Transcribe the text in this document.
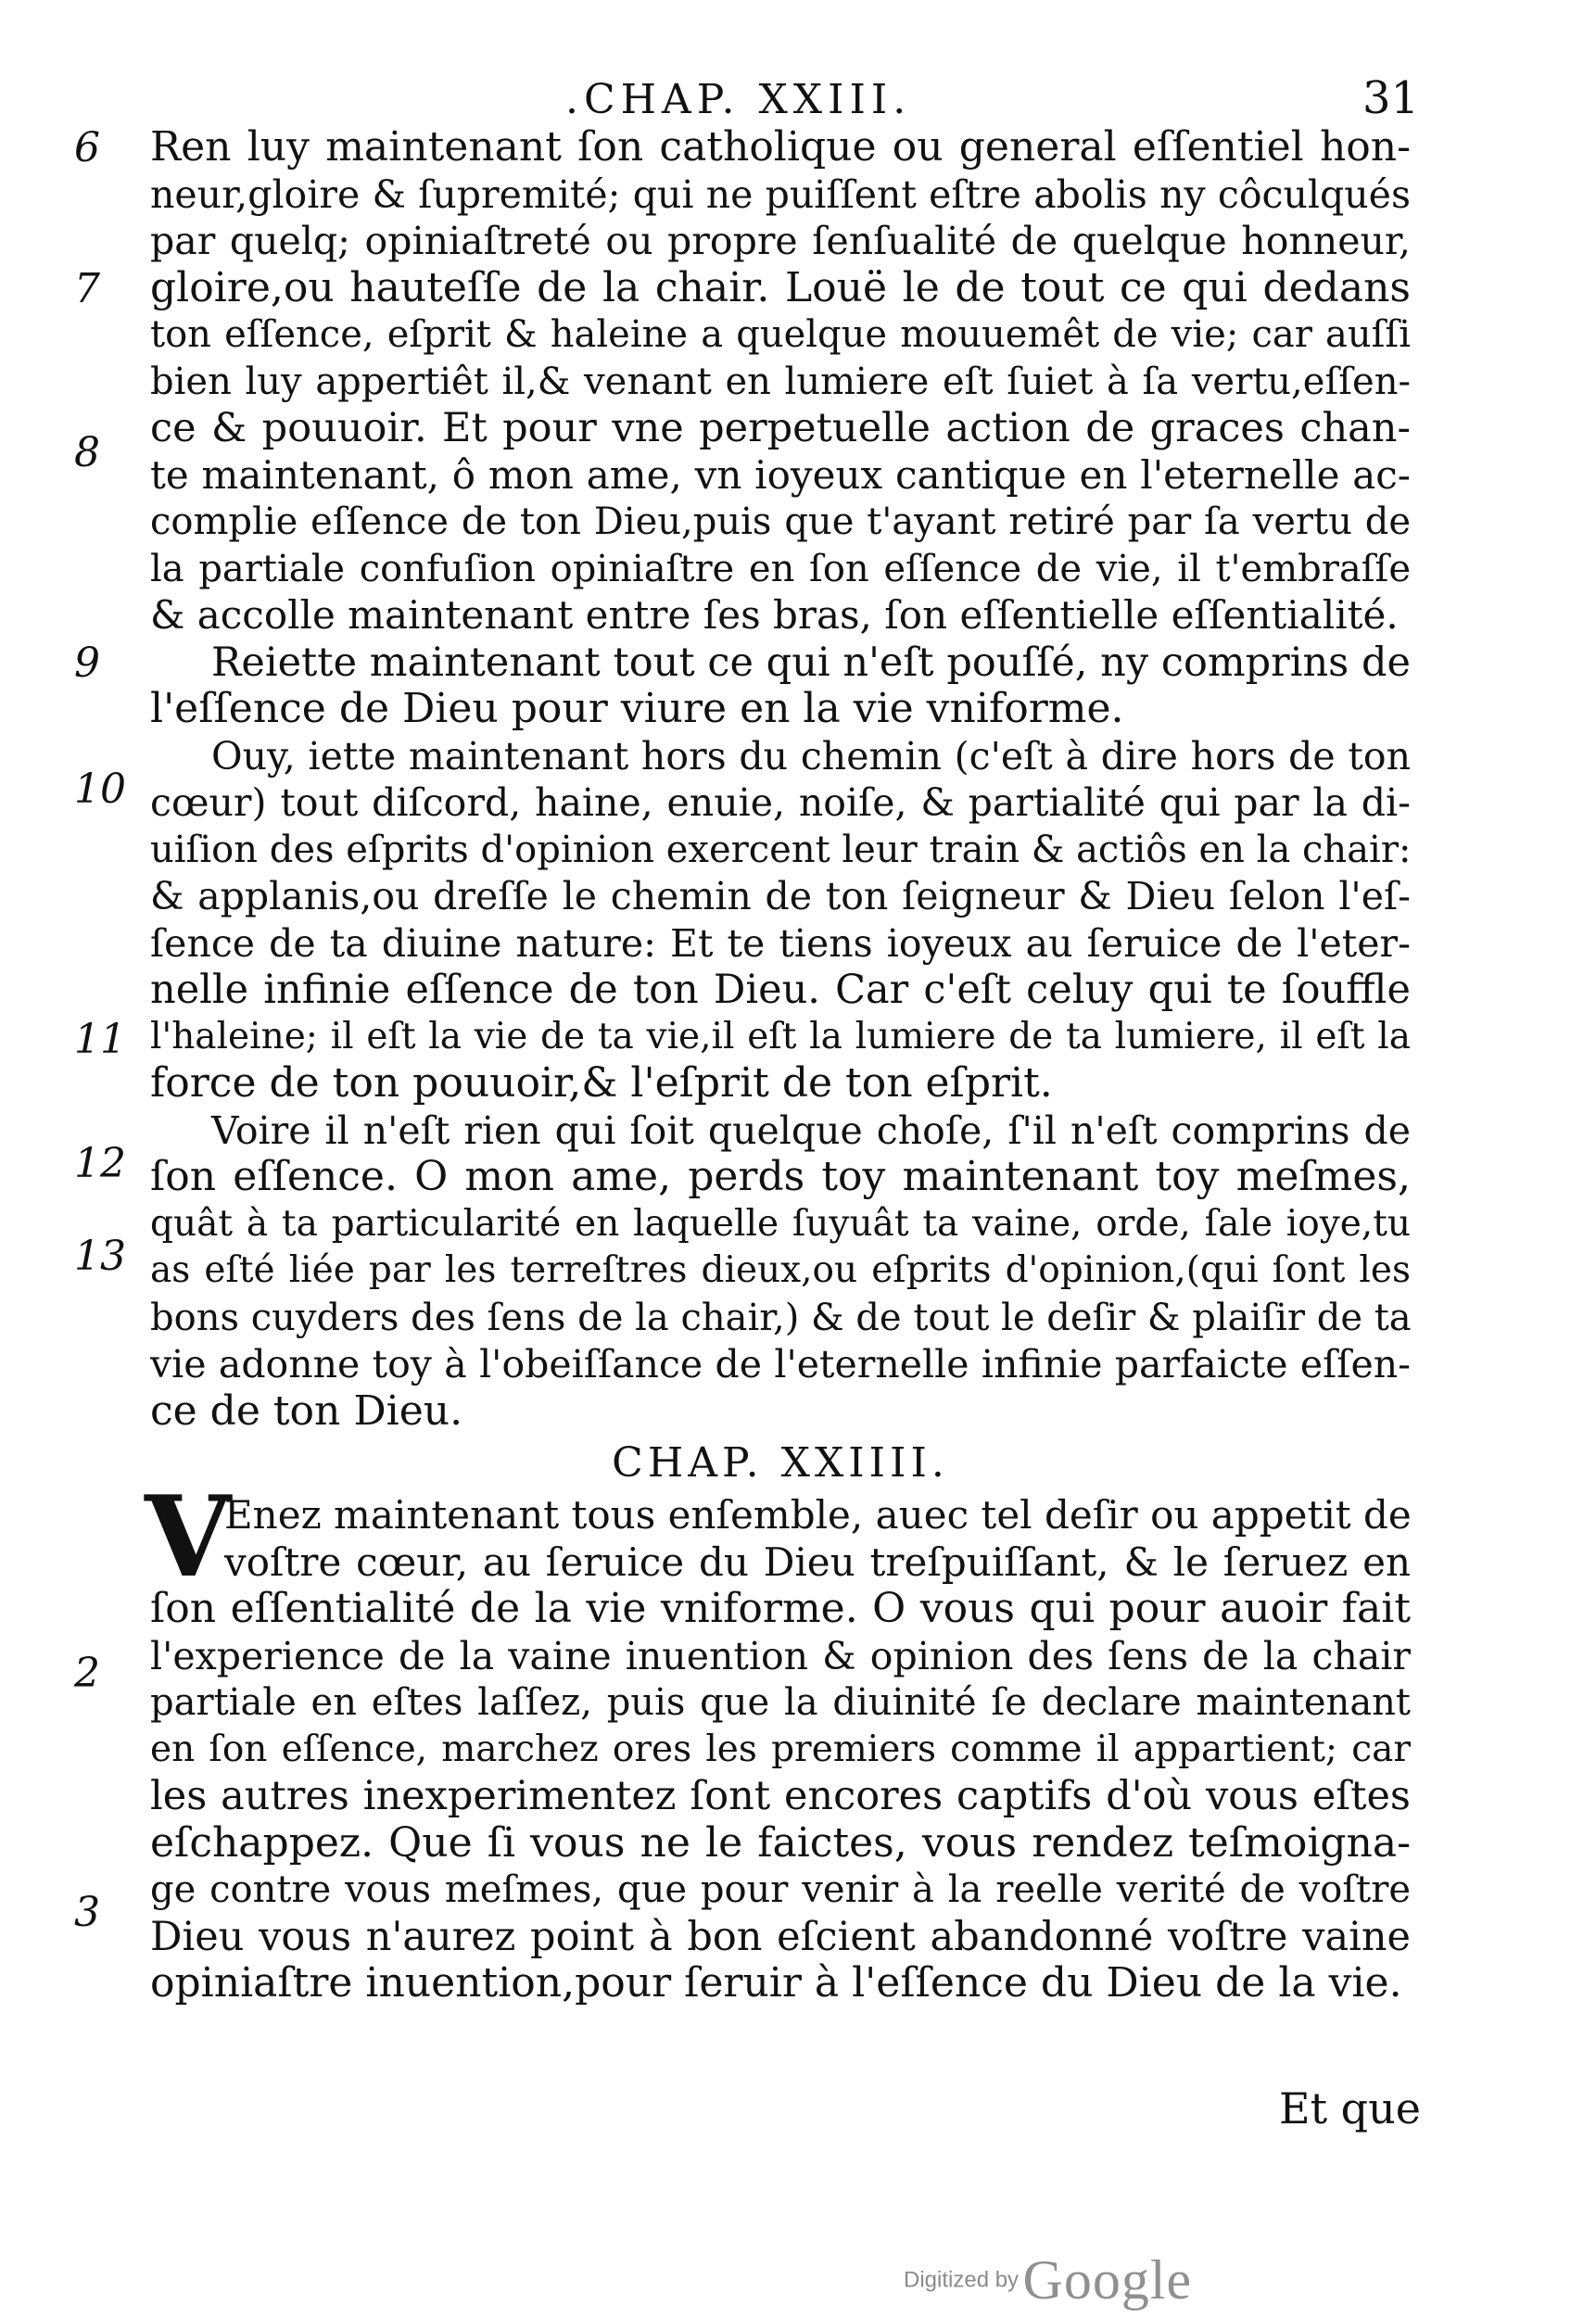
.CHAP. XXIII.	31
6
7
8
9
10
11
12
13
2
3
Ren luy maintenant ſon catholique ou general eſſentiel hon-
neur,gloire & ſupremité; qui ne puiſſent eſtre abolis ny côculqués
par quelq; opiniaſtreté ou propre ſenſualité de quelque honneur,
gloire,ou hauteſſe de la chair. Louë le de tout ce qui dedans
ton eſſence, eſprit & haleine a quelque mouuemêt de vie; car auſſi
bien luy appertiêt il,& venant en lumiere eſt ſuiet à ſa vertu,eſſen-
ce & pouuoir. Et pour vne perpetuelle action de graces chan-
te maintenant, ô mon ame, vn ioyeux cantique en l'eternelle ac-
complie eſſence de ton Dieu,puis que t'ayant retiré par ſa vertu de
la partiale confuſion opiniaſtre en ſon eſſence de vie, il t'embraſſe
& accolle maintenant entre ſes bras, ſon eſſentielle eſſentialité.
Reiette maintenant tout ce qui n'eſt pouſſé, ny comprins de
l'eſſence de Dieu pour viure en la vie vniforme.
Ouy, iette maintenant hors du chemin (c'eſt à dire hors de ton
cœur) tout diſcord, haine, enuie, noiſe, & partialité qui par la di-
uiſion des eſprits d'opinion exercent leur train & actiôs en la chair:
& applanis,ou dreſſe le chemin de ton ſeigneur & Dieu ſelon l'eſ-
ſence de ta diuine nature: Et te tiens ioyeux au ſeruice de l'eter-
nelle infinie eſſence de ton Dieu. Car c'eſt celuy qui te ſouffle
l'haleine; il eſt la vie de ta vie,il eſt la lumiere de ta lumiere, il eſt la
force de ton pouuoir,& l'eſprit de ton eſprit.
Voire il n'eſt rien qui ſoit quelque choſe, ſ'il n'eſt comprins de
ſon eſſence. O mon ame, perds toy maintenant toy meſmes,
quât à ta particularité en laquelle ſuyuât ta vaine, orde, ſale ioye,tu
as eſté liée par les terreſtres dieux,ou eſprits d'opinion,(qui ſont les
bons cuyders des ſens de la chair,) & de tout le deſir & plaiſir de ta
vie adonne toy à l'obeiſſance de l'eternelle infinie parfaicte eſſen-
ce de ton Dieu.
CHAP. XXIIII.
V
Enez maintenant tous enſemble, auec tel deſir ou appetit de
voſtre cœur, au ſeruice du Dieu treſpuiſſant, & le ſeruez en
ſon eſſentialité de la vie vniforme. O vous qui pour auoir fait
l'experience de la vaine inuention & opinion des ſens de la chair
partiale en eſtes laſſez, puis que la diuinité ſe declare maintenant
en ſon eſſence, marchez ores les premiers comme il appartient; car
les autres inexperimentez ſont encores captifs d'où vous eſtes
eſchappez. Que ſi vous ne le faictes, vous rendez teſmoigna-
ge contre vous meſmes, que pour venir à la reelle verité de voſtre
Dieu vous n'aurez point à bon eſcient abandonné voſtre vaine
opiniaſtre inuention,pour ſeruir à l'eſſence du Dieu de la vie.
Et que
Digitized by Google
